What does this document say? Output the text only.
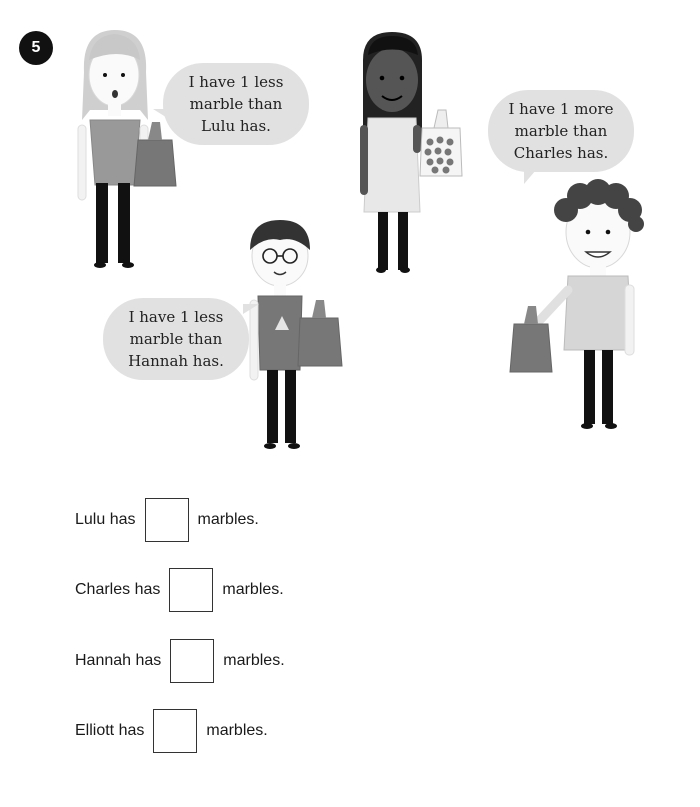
5
I have 1 less
marble than
Lulu has.
I have 1 less
marble than
Hannah has.
I have 1 more
marble than
Charles has.
Lulu has	marbles.
Charles has	marbles.
Hannah has	marbles.
Elliott has	marbles.
